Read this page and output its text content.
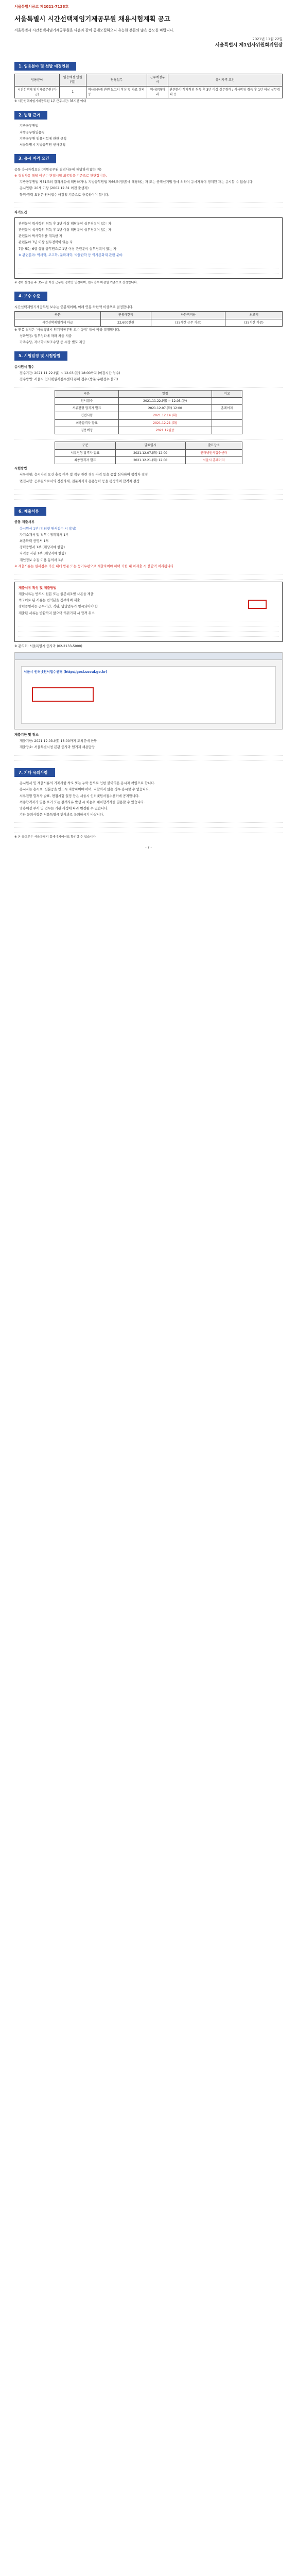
서울특별시공고 제2021-7138호
서울특별시 시간선택제임기제공무원 채용시험계획 공고
서울특별시 시간선택제임기제공무원을 다음과 같이 공개모집하오니 유능한 분들의 많은 응모를 바랍니다.
2021년 11월 22일
서울특별시 제1인사위원회위원장
1. 임용분야 및 선발 예정인원
임용분야	임용예정 인원(명)	담당업무	근무예정부서	응시자격 요건
시간선택제 임기제공무원 (마급)	1	역사문화재 관련 보고서 작성 및 자료 정리 등	역사문화재과	관련분야 학사학위 취득 후 3년 이상 실무경력 / 석사학위 취득 후 1년 이상 실무경력 등
※ 시간선택제임기제공무원 1주 근무시간: 35시간 이내
2. 법령 근거
지방공무원법
지방공무원임용령
지방공무원 임용시험에 관한 규칙
서울특별시 지방공무원 인사규칙
3. 응시 자격 요건
공통 응시자격요건 (지방공무원 결격사유에 해당하지 않는 자)
※ 결격사유 해당 여부는 면접시험 최종일을 기준으로 판단합니다.
지방공무원법 제31조의 결격사유에 해당하거나, 지방공무원법 제66조(정년)에 해당하는 자 또는 공직선거법 등에 의하여 응시자격이 정지된 자는 응시할 수 없습니다.
응시연령: 20세 이상 (2002.12.31 이전 출생자)
학위·경력 요건은 원서접수 마감일 기준으로 충족하여야 합니다.
자격요건
관련분야 학사학위 취득 후 3년 이상 해당분야 실무경력이 있는 자
관련분야 석사학위 취득 후 1년 이상 해당분야 실무경력이 있는 자
관련분야 박사학위를 취득한 자
관련분야 7년 이상 실무경력이 있는 자
7급 또는 6급 상당 공무원으로 1년 이상 관련분야 실무경력이 있는 자
※ 관련분야: 역사학, 고고학, 문화재학, 박물관학 등 역사문화재 관련 분야
※ 경력 산정은 주 35시간 이상 근무한 경력만 인정하며, 원서접수 마감일 기준으로 산정합니다.
4. 보수 수준
시간선택제임기제공무원 보수는 연봉제이며, 아래 연봉 하한액 이상으로 결정합니다.
구분	연봉하한액	하한액적용	최고액
시간선택제임기제 마급	22,600천원	(35시간 근무 기준)	(35시간 기준)
※ 연봉 결정은 ‘서울특별시 임기제공무원 보수 규정’ 등에 따라 결정합니다.
성과연봉: 업무성과에 따라 차등 지급
가족수당, 자녀학비보조수당 등 수당 별도 지급
5. 시험일정 및 시험방법
응시원서 접수
접수기간: 2021.11.22.(월) ~ 12.03.(금) 18:00까지 (마감시간 엄수)
접수방법: 서울시 인터넷원서접수센터 통해 접수 (방문·우편접수 불가)
구분	일정	비고
원서접수	2021.11.22.(월) ~ 12.03.(금)	
서류전형 합격자 발표	2021.12.07.(화) 12:00	홈페이지
면접시험	2021.12.14.(화)	
최종합격자 발표	2021.12.21.(화)	
임용예정	2021.12월중	
구분	발표일시	발표장소
서류전형 합격자 발표	2021.12.07.(화) 12:00	인터넷원서접수센터
최종합격자 발표	2021.12.21.(화) 12:00	서울시 홈페이지
시험방법
서류전형: 응시자격 요건 충족 여부 및 직무 관련 경력·자격 등을 종합 심사하여 합격자 결정
면접시험: 공무원으로서의 정신자세, 전문지식과 응용능력 등을 평정하여 합격자 결정
6. 제출서류
공통 제출서류
응시원서 1부 (인터넷 원서접수 시 작성)
자기소개서 및 직무수행계획서 1부
최종학력 증명서 1부
경력증명서 1부 (해당자에 한함)
자격증 사본 1부 (해당자에 한함)
개인정보 수집·이용 동의서 1부
※ 제출서류는 원서접수 기간 내에 방문 또는 등기우편으로 제출하여야 하며 기한 내 미제출 시 불합격 처리됩니다.
제출서류 작성 및 제출방법
제출서류는 반드시 원본 또는 원본대조필 사본을 제출
외국어로 된 서류는 번역본을 첨부하여 제출
경력증명서는 근무기간, 직위, 담당업무가 명시되어야 함
제출된 서류는 반환하지 않으며 허위기재 시 합격 취소
※ 문의처: 서울특별시 인사과 (02-2133-5000)
서울시 인터넷원서접수센터 (http://gosi.seoul.go.kr)
제출기한 및 장소
제출기한: 2021.12.03.(금) 18:00까지 도착분에 한함
제출장소: 서울특별시청 본관 인사과 임기제 채용담당
7. 기타 유의사항
응시원서 및 제출서류의 기재사항 착오 또는 누락 등으로 인한 불이익은 응시자 책임으로 합니다.
응시자는 응시표, 신분증을 반드시 지참하여야 하며, 지참하지 않은 경우 응시할 수 없습니다.
서류전형 합격자 발표, 면접시험 일정 등은 서울시 인터넷원서접수센터에 공지합니다.
최종합격자가 임용 포기 또는 결격사유 발생 시 차순위 예비합격자를 임용할 수 있습니다.
임용예정 부서 및 업무는 기관 사정에 따라 변경될 수 있습니다.
기타 문의사항은 서울특별시 인사과로 문의하시기 바랍니다.
※ 본 공고문은 서울특별시 홈페이지에서도 확인할 수 있습니다.
- 7 -
